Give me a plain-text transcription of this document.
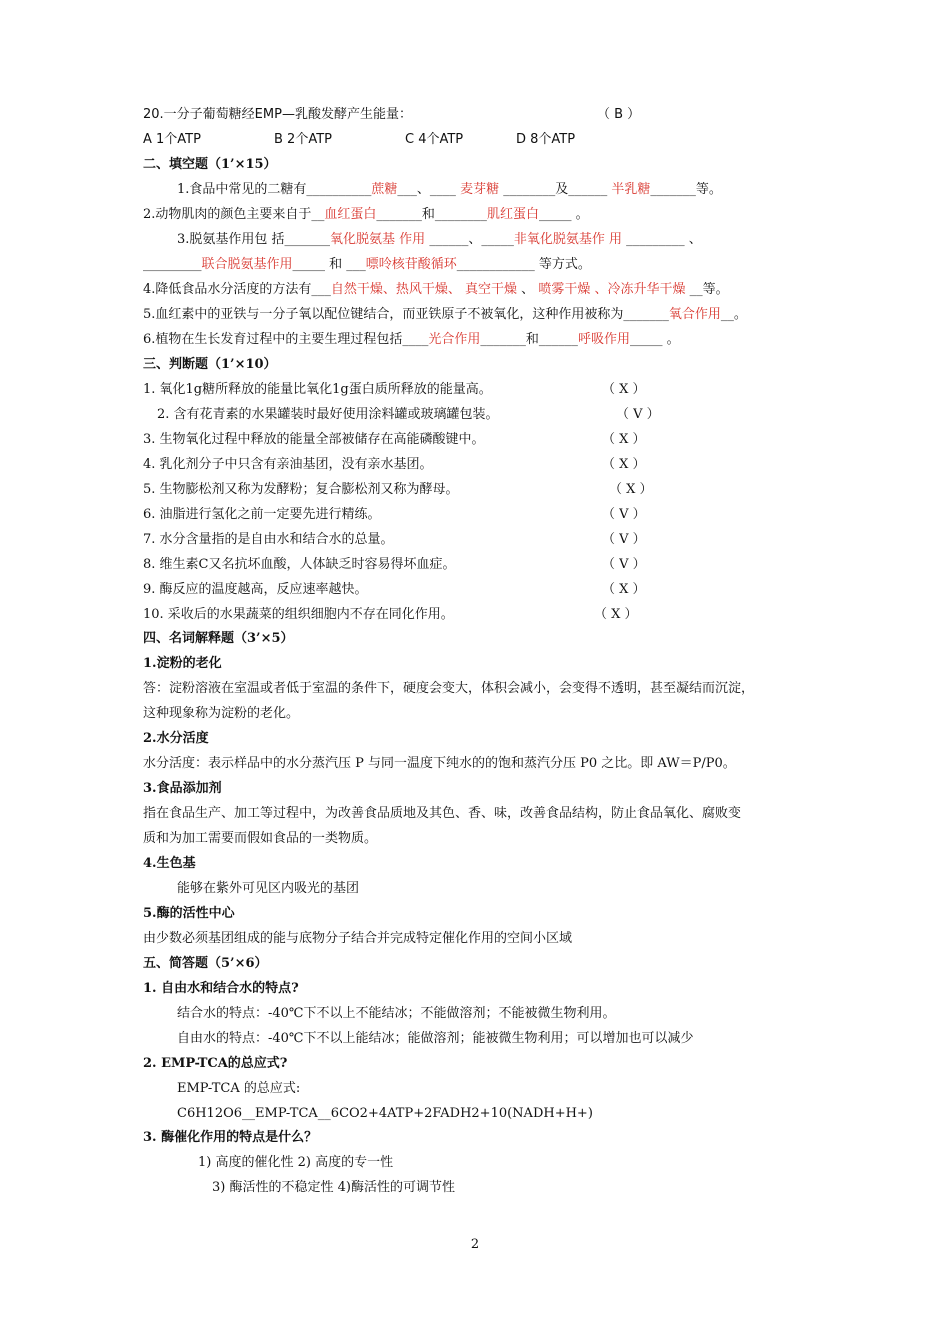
20.一分子葡萄糖经EMP—乳酸发酵产生能量：	（ B ）
A 1个ATP	B 2个ATP	C 4个ATP	D 8个ATP
二、填空题（1’×15）
1.食品中常见的二糖有__________蔗糖___、____ 麦芽糖 ________及______ 半乳糖_______等。
2.动物肌肉的颜色主要来自于__血红蛋白_______和________肌红蛋白_____ 。
3.脱氨基作用包 括_______氧化脱氨基 作用 ______、_____非氧化脱氨基作 用 _________ 、
_________联合脱氨基作用_____ 和 ___嘌呤核苷酸循环____________ 等方式。
4.降低食品水分活度的方法有___自然干燥、热风干燥、 真空干燥 、 喷雾干燥 、冷冻升华干燥 __等。
5.血红素中的亚铁与一分子氧以配位键结合，而亚铁原子不被氧化，这种作用被称为_______氧合作用__。
6.植物在生长发育过程中的主要生理过程包括____光合作用_______和______呼吸作用_____ 。
三、判断题（1’×10）
1. 氧化1g糖所释放的能量比氧化1g蛋白质所释放的能量高。	（ X ）
2. 含有花青素的水果罐装时最好使用涂料罐或玻璃罐包装。	（ V ）
3. 生物氧化过程中释放的能量全部被储存在高能磷酸键中。	（ X ）
4. 乳化剂分子中只含有亲油基团，没有亲水基团。	（ X ）
5. 生物膨松剂又称为发酵粉；复合膨松剂又称为酵母。	（ X ）
6. 油脂进行氢化之前一定要先进行精练。	（ V ）
7. 水分含量指的是自由水和结合水的总量。	（ V ）
8. 维生素C又名抗坏血酸，人体缺乏时容易得坏血症。	（ V ）
9. 酶反应的温度越高，反应速率越快。	（ X ）
10. 采收后的水果蔬菜的组织细胞内不存在同化作用。	（ X ）
四、名词解释题（3’×5）
1.淀粉的老化
答：淀粉溶液在室温或者低于室温的条件下，硬度会变大，体积会减小，会变得不透明，甚至凝结而沉淀，
这种现象称为淀粉的老化。
2.水分活度
水分活度：表示样品中的水分蒸汽压 P 与同一温度下纯水的的饱和蒸汽分压 P0 之比。即 AW＝P/P0。
3.食品添加剂
指在食品生产、加工等过程中，为改善食品质地及其色、香、味，改善食品结构，防止食品氧化、腐败变
质和为加工需要而假如食品的一类物质。
4.生色基
能够在紫外可见区内吸光的基团
5.酶的活性中心
由少数必须基团组成的能与底物分子结合并完成特定催化作用的空间小区域
五、简答题（5’×6）
1. 自由水和结合水的特点?
结合水的特点：-40℃下不以上不能结冰；不能做溶剂；不能被微生物利用。
自由水的特点：-40℃下不以上能结冰；能做溶剂；能被微生物利用；可以增加也可以减少
2. EMP-TCA的总应式?
EMP-TCA 的总应式:
C6H12O6__EMP-TCA__6CO2+4ATP+2FADH2+10(NADH+H+)
3. 酶催化作用的特点是什么？
1) 高度的催化性 2) 高度的专一性
3) 酶活性的不稳定性 4)酶活性的可调节性
2
